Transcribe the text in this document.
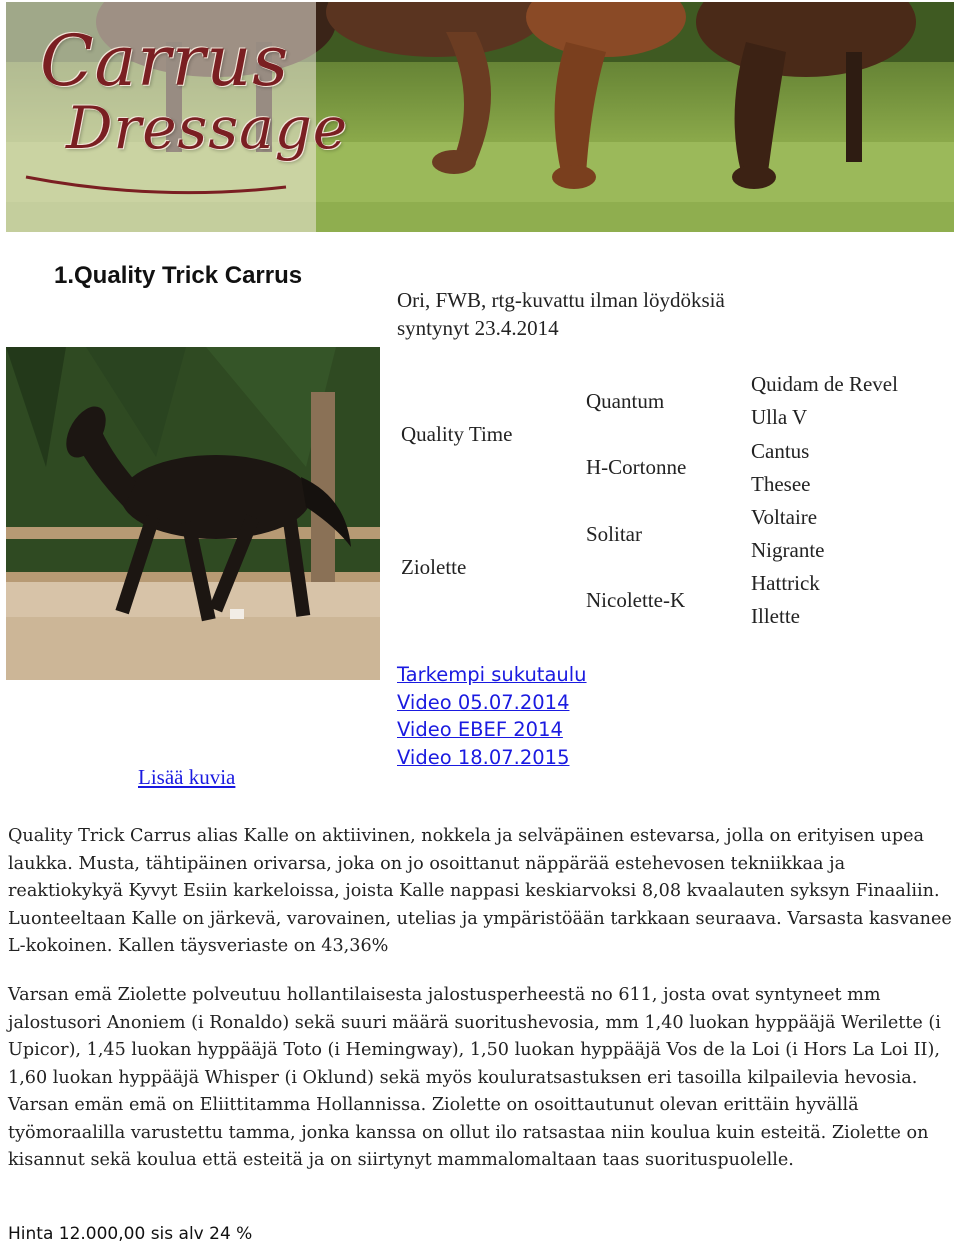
Carrus
Dressage
1.Quality Trick Carrus
Ori, FWB, rtg-kuvattu ilman löydöksiä
syntynyt 23.4.2014
Quality Time
Ziolette
Quantum
H-Cortonne
Solitar
Nicolette-K
Quidam de Revel
Ulla V
Cantus
Thesee
Voltaire
Nigrante
Hattrick
Illette
Lisää kuvia
Tarkempi sukutaulu
Video 05.07.2014
Video EBEF 2014
Video 18.07.2015
Quality Trick Carrus alias Kalle on aktiivinen, nokkela ja selväpäinen estevarsa, jolla on erityisen upea laukka. Musta, tähtipäinen orivarsa, joka on jo osoittanut näppärää estehevosen tekniikkaa ja reaktiokykyä Kyvyt Esiin karkeloissa, joista Kalle nappasi keskiarvoksi 8,08 kvaalauten syksyn Finaaliin. Luonteeltaan Kalle on järkevä, varovainen, utelias ja ympäristöään tarkkaan seuraava. Varsasta kasvanee L-kokoinen. Kallen täysveriaste on 43,36%
Varsan emä Ziolette polveutuu hollantilaisesta jalostusperheestä no 611, josta ovat syntyneet mm jalostusori Anoniem (i Ronaldo) sekä suuri määrä suoritushevosia, mm 1,40 luokan hyppääjä Werilette (i Upicor), 1,45 luokan hyppääjä Toto (i Hemingway), 1,50 luokan hyppääjä Vos de la Loi (i Hors La Loi II), 1,60 luokan hyppääjä Whisper (i Oklund) sekä myös kouluratsastuksen eri tasoilla kilpailevia hevosia. Varsan emän emä on Eliittitamma Hollannissa. Ziolette on osoittautunut olevan erittäin hyvällä työmoraalilla varustettu tamma, jonka kanssa on ollut ilo ratsastaa niin koulua kuin esteitä. Ziolette on kisannut sekä koulua että esteitä ja on siirtynyt mammalomaltaan taas suorituspuolelle.
Hinta 12.000,00 sis alv 24 %
